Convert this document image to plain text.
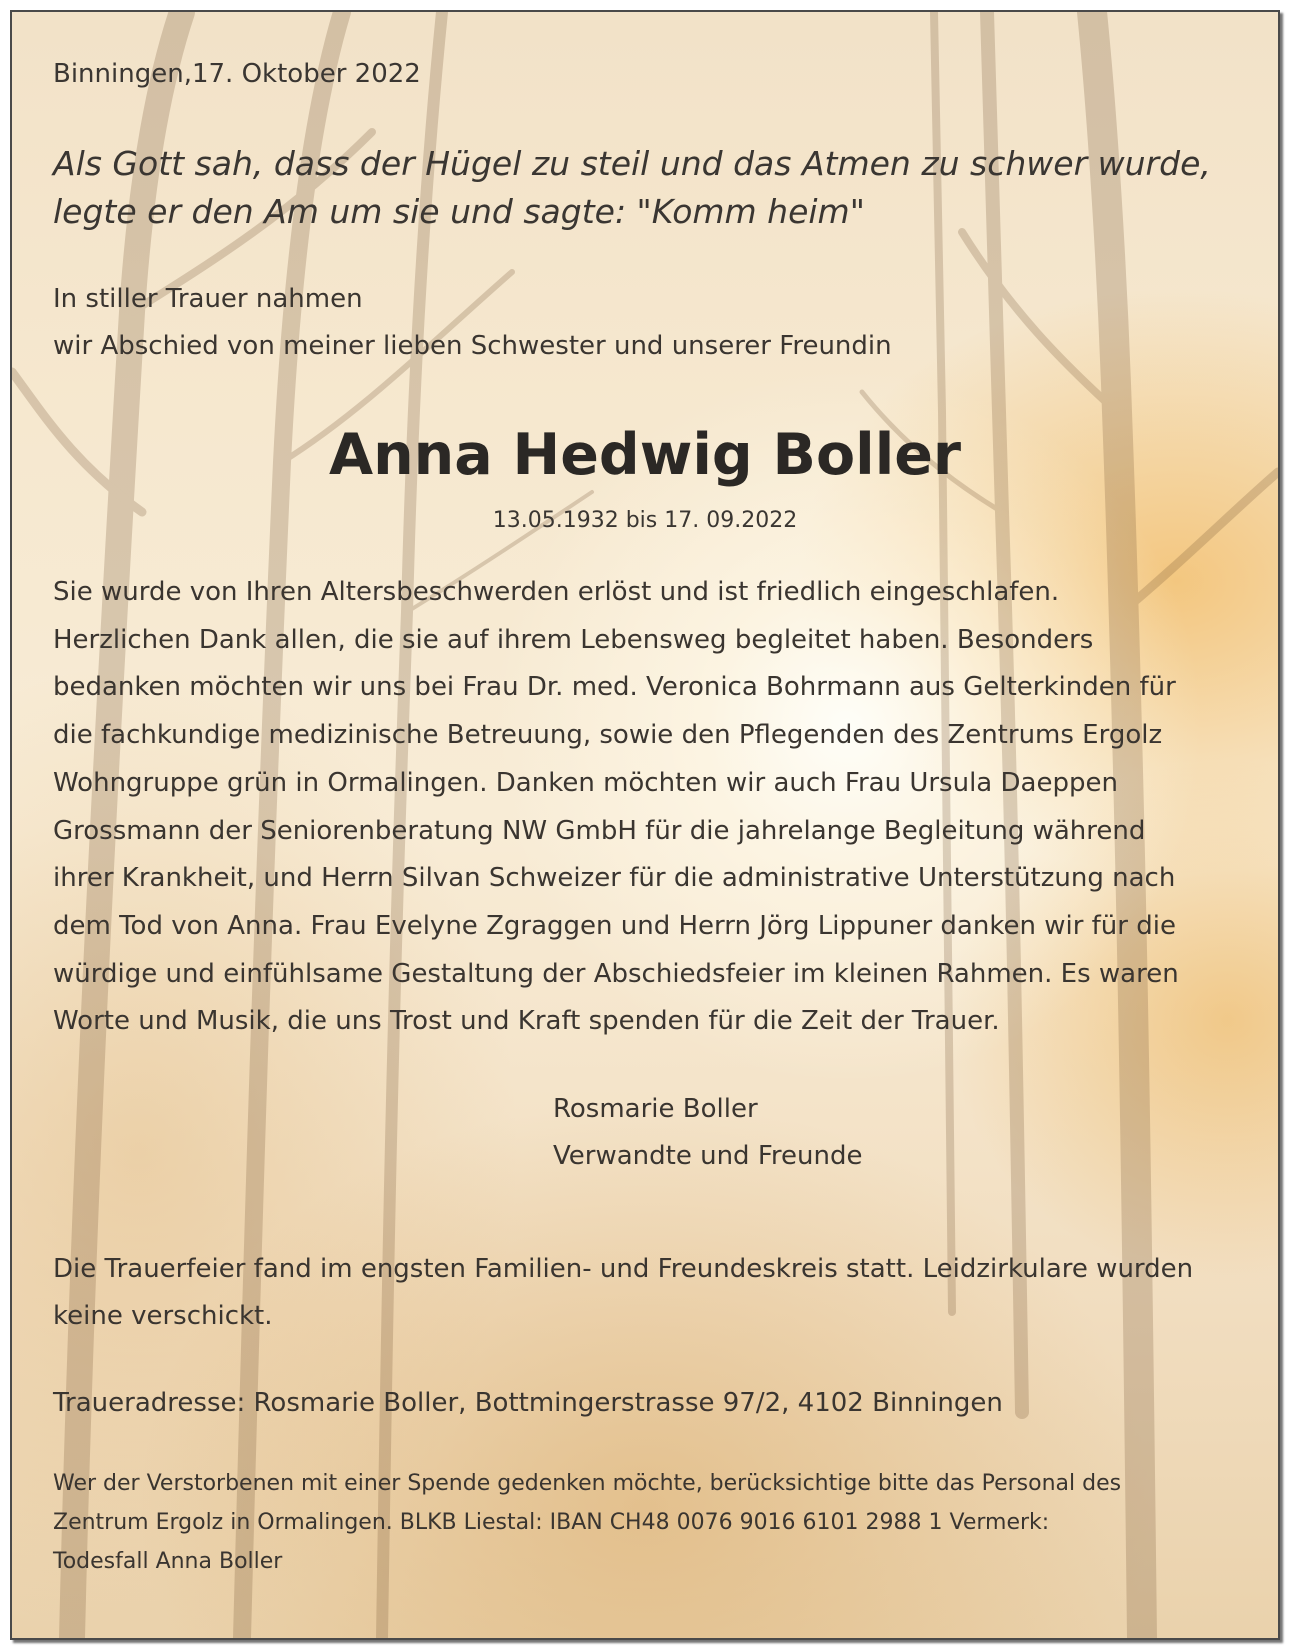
Binningen,17. Oktober 2022

Als Gott sah, dass der Hügel zu steil und das Atmen zu schwer wurde,
legte er den Am um sie und sagte: "Komm heim"

In stiller Trauer nahmen
wir Abschied von meiner lieben Schwester und unserer Freundin

Anna Hedwig Boller

13.05.1932 bis 17. 09.2022

Sie wurde von Ihren Altersbeschwerden erlöst und ist friedlich eingeschlafen.
Herzlichen Dank allen, die sie auf ihrem Lebensweg begleitet haben. Besonders
bedanken möchten wir uns bei Frau Dr. med. Veronica Bohrmann aus Gelterkinden für
die fachkundige medizinische Betreuung, sowie den Pflegenden des Zentrums Ergolz
Wohngruppe grün in Ormalingen. Danken möchten wir auch Frau Ursula Daeppen
Grossmann der Seniorenberatung NW GmbH für die jahrelange Begleitung während
ihrer Krankheit, und Herrn Silvan Schweizer für die administrative Unterstützung nach
dem Tod von Anna. Frau Evelyne Zgraggen und Herrn Jörg Lippuner danken wir für die
würdige und einfühlsame Gestaltung der Abschiedsfeier im kleinen Rahmen. Es waren
Worte und Musik, die uns Trost und Kraft spenden für die Zeit der Trauer.

Rosmarie Boller
Verwandte und Freunde

Die Trauerfeier fand im engsten Familien- und Freundeskreis statt. Leidzirkulare wurden
keine verschickt.

Traueradresse: Rosmarie Boller, Bottmingerstrasse 97/2, 4102 Binningen

Wer der Verstorbenen mit einer Spende gedenken möchte, berücksichtige bitte das Personal des
Zentrum Ergolz in Ormalingen. BLKB Liestal: IBAN CH48 0076 9016 6101 2988 1 Vermerk:
Todesfall Anna Boller
